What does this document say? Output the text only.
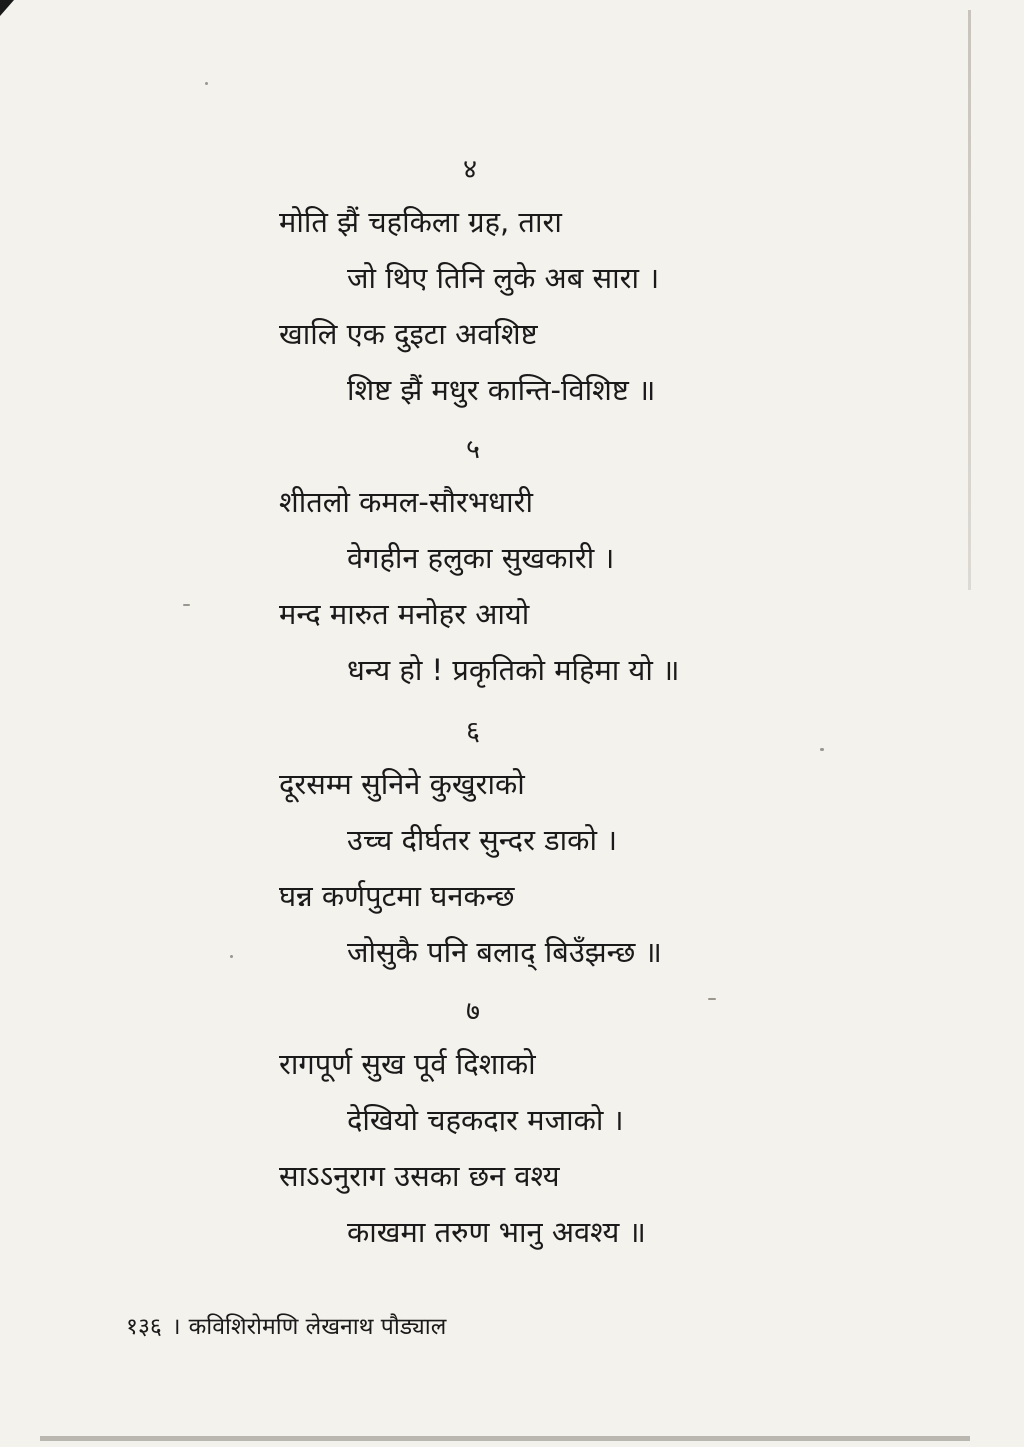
४
मोति झैं चहकिला ग्रह, तारा
जो थिए तिनि लुके अब सारा ।
खालि एक दुइटा अवशिष्ट
शिष्ट झैं मधुर कान्ति-विशिष्ट ॥
५
शीतलो कमल-सौरभधारी
वेगहीन हलुका सुखकारी ।
मन्द मारुत मनोहर आयो
धन्य हो ! प्रकृतिको महिमा यो ॥
६
दूरसम्म सुनिने कुखुराको
उच्च दीर्घतर सुन्दर डाको ।
घन्न कर्णपुटमा घनकन्छ
जोसुकै पनि बलाद् बिउँझन्छ ॥
७
रागपूर्ण सुख पूर्व दिशाको
देखियो चहकदार मजाको ।
साऽऽनुराग उसका छन वश्य
काखमा तरुण भानु अवश्य ॥
१३६ । कविशिरोमणि लेखनाथ पौड्याल
